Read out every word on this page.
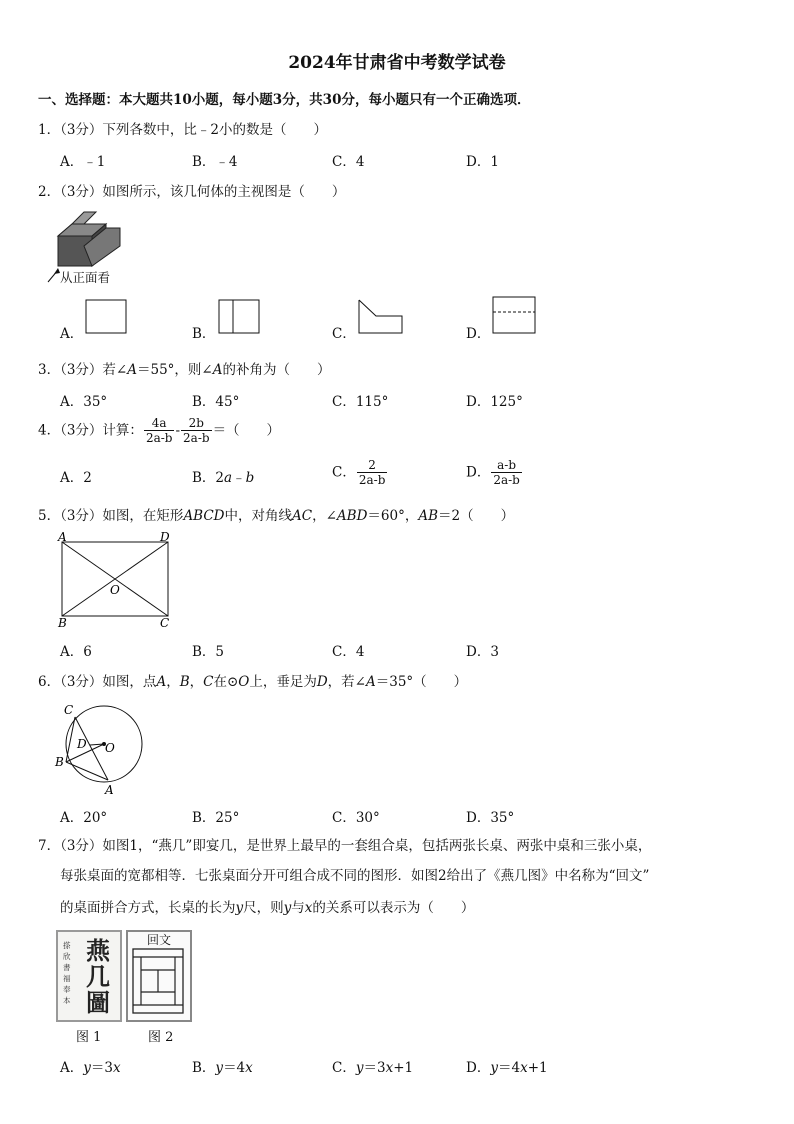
2024年甘肃省中考数学试卷
一、选择题：本大题共10小题，每小题3分，共30分，每小题只有一个正确选项．
1．（3分）下列各数中，比﹣2小的数是（　　）
A．﹣1	B．﹣4	C．4	D．1
2．（3分）如图所示，该几何体的主视图是（　　）
从正面看
A．	B．	C．	D．
3．（3分）若∠A＝55°，则∠A的补角为（　　）
A．35°	B．45°	C．115°	D．125°
4．（3分）计算： $\frac{4a}{2a-b} - \frac{2b}{2a-b}$ ＝（　　）
A．2	B．2a﹣b	C． $\frac{2}{2a-b}$	D． $\frac{a-b}{2a-b}$
5．（3分）如图，在矩形ABCD中，对角线AC，∠ABD＝60°，AB＝2（　　）
A	D
B	C
O
A．6	B．5	C．4	D．3
6．（3分）如图，点A，B，C在⊙O上，垂足为D，若∠A＝35°（　　）
C
D O
B
A
A．20°	B．25°	C．30°	D．35°
7．（3分）如图1，“燕几”即宴几，是世界上最早的一套组合桌，包括两张长桌、两张中桌和三张小桌，
每张桌面的宽都相等．七张桌面分开可组合成不同的图形．如图2给出了《燕几图》中名称为“回文”
的桌面拼合方式，长桌的长为y尺，则y与x的关系可以表示为（　　）
搽欣書福奉本
燕几圖
图 1
回文
图 2
A．y＝3x	B．y＝4x	C．y＝3x+1	D．y＝4x+1
